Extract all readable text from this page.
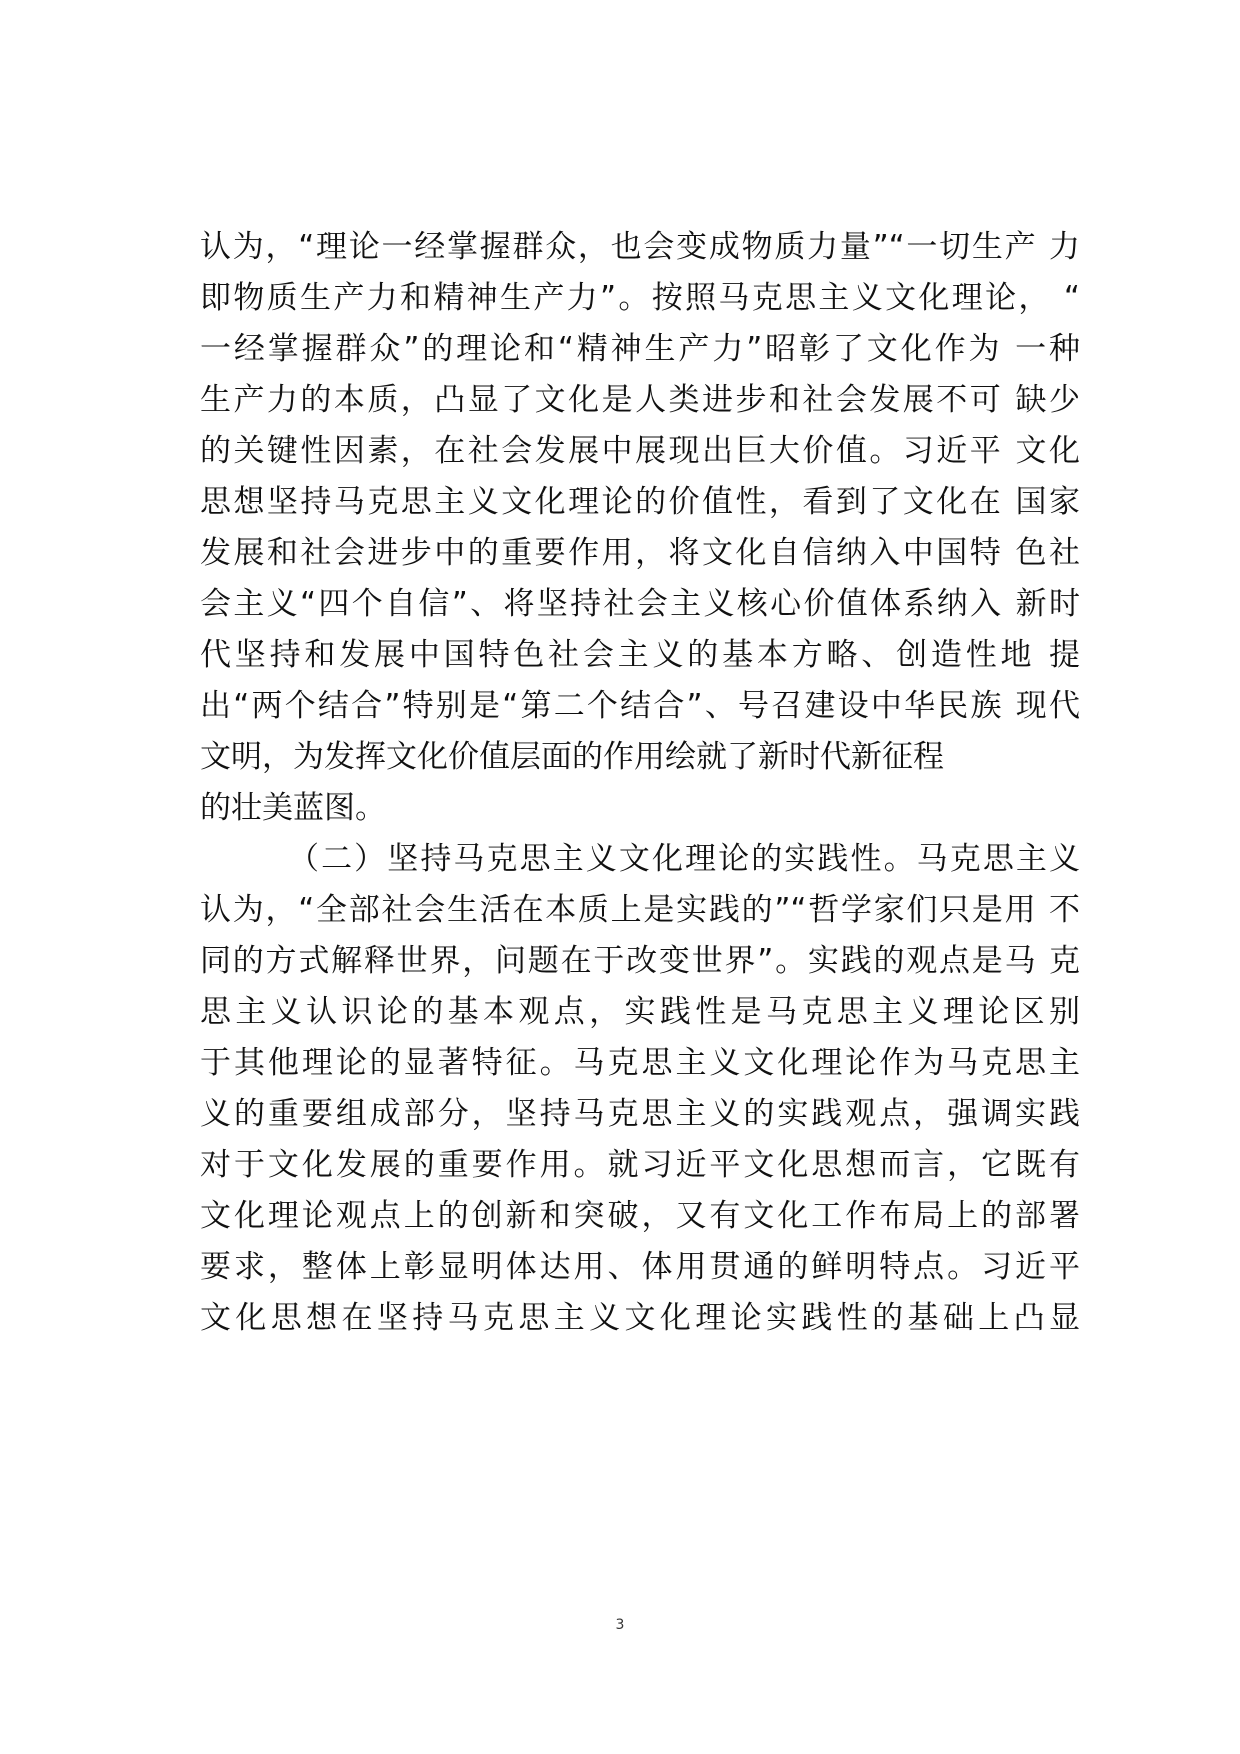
认为，“理论一经掌握群众，也会变成物质力量”“一切生产 力
即物质生产力和精神生产力”。按照马克思主义文化理论， “
一经掌握群众”的理论和“精神生产力”昭彰了文化作为 一种
生产力的本质，凸显了文化是人类进步和社会发展不可 缺少
的关键性因素，在社会发展中展现出巨大价值。习近平 文化
思想坚持马克思主义文化理论的价值性，看到了文化在 国家
发展和社会进步中的重要作用，将文化自信纳入中国特 色社
会主义“四个自信”、将坚持社会主义核心价值体系纳入 新时
代坚持和发展中国特色社会主义的基本方略、创造性地 提
出“两个结合”特别是“第二个结合”、号召建设中华民族 现代
文明，为发挥文化价值层面的作用绘就了新时代新征程
的壮美蓝图。
（二）坚持马克思主义文化理论的实践性。马克思主义
认为，“全部社会生活在本质上是实践的”“哲学家们只是用 不
同的方式解释世界，问题在于改变世界”。实践的观点是马 克
思主义认识论的基本观点，实践性是马克思主义理论区别
于其他理论的显著特征。马克思主义文化理论作为马克思主
义的重要组成部分，坚持马克思主义的实践观点，强调实践
对于文化发展的重要作用。就习近平文化思想而言，它既有
文化理论观点上的创新和突破，又有文化工作布局上的部署
要求，整体上彰显明体达用、体用贯通的鲜明特点。习近平
文化思想在坚持马克思主义文化理论实践性的基础上凸显
3
